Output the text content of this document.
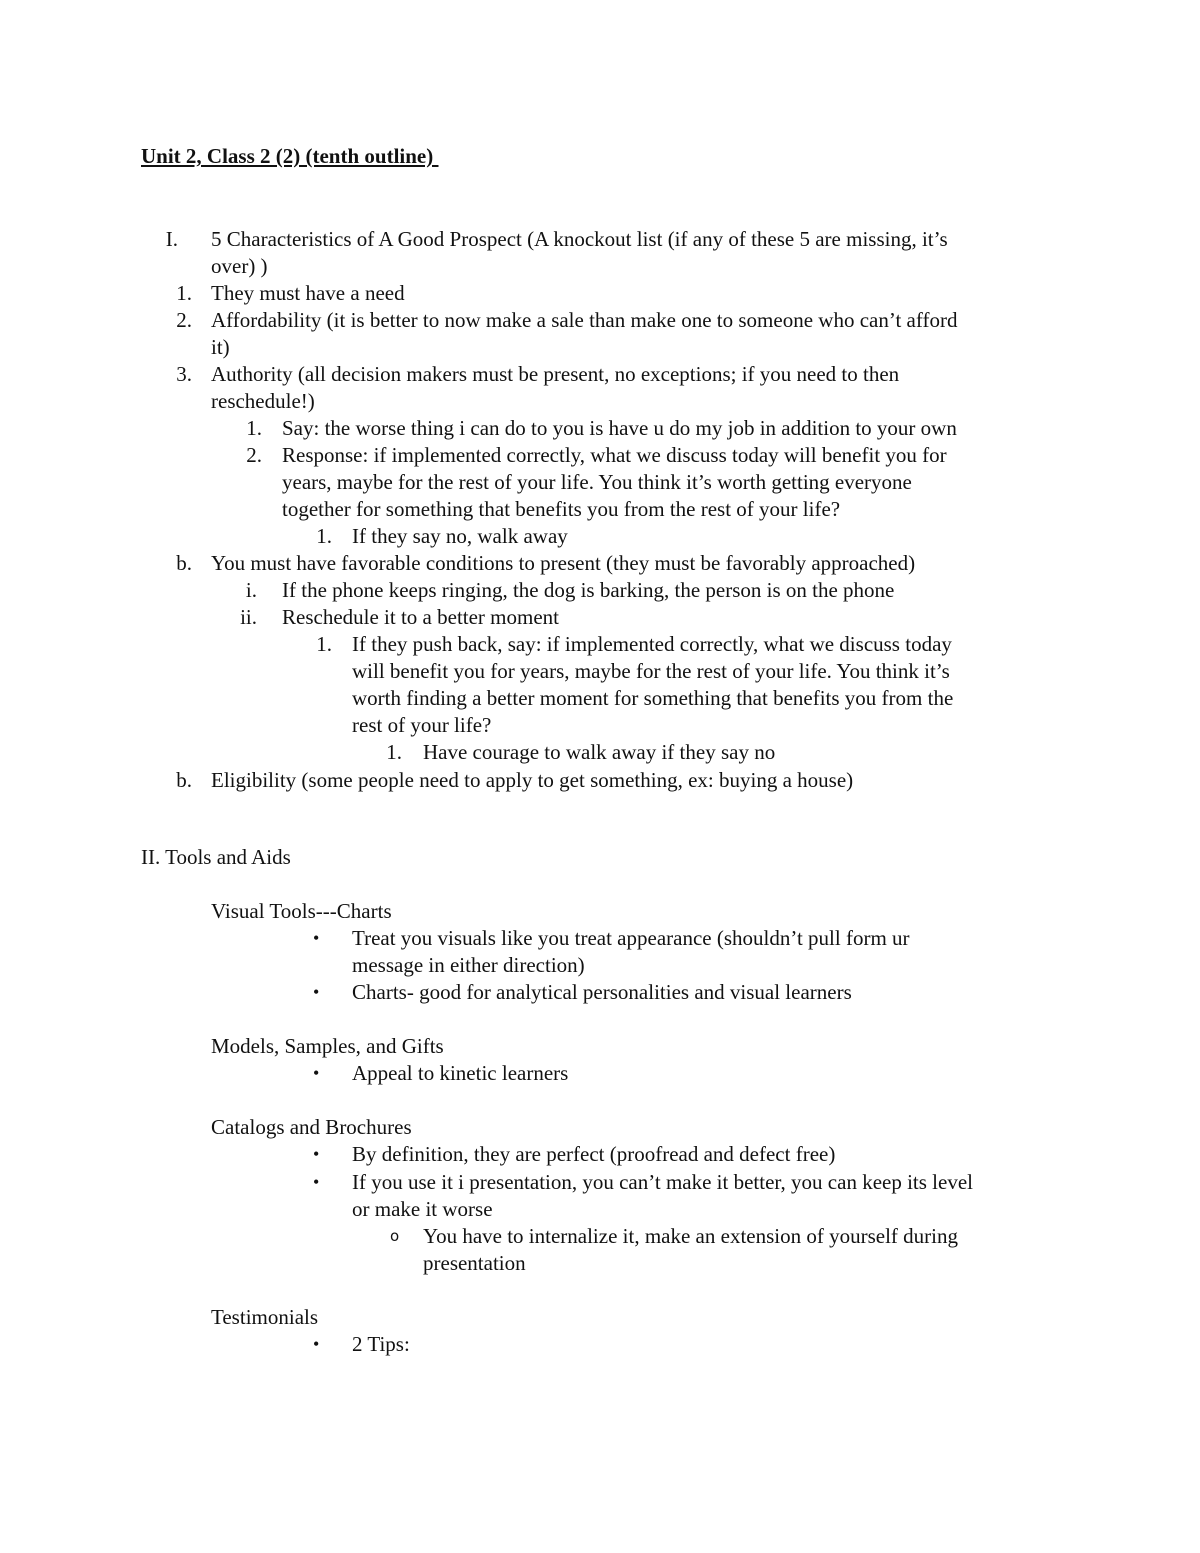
Unit 2, Class 2 (2) (tenth outline)
I. 5 Characteristics of A Good Prospect (A knockout list (if any of these 5 are missing, it’s
over) )
1. They must have a need
2. Affordability (it is better to now make a sale than make one to someone who can’t afford
it)
3. Authority (all decision makers must be present, no exceptions; if you need to then
reschedule!)
1. Say: the worse thing i can do to you is have u do my job in addition to your own
2. Response: if implemented correctly, what we discuss today will benefit you for
years, maybe for the rest of your life. You think it’s worth getting everyone
together for something that benefits you from the rest of your life?
1. If they say no, walk away
b. You must have favorable conditions to present (they must be favorably approached)
i. If the phone keeps ringing, the dog is barking, the person is on the phone
ii. Reschedule it to a better moment
1. If they push back, say: if implemented correctly, what we discuss today
will benefit you for years, maybe for the rest of your life. You think it’s
worth finding a better moment for something that benefits you from the
rest of your life?
1. Have courage to walk away if they say no
b. Eligibility (some people need to apply to get something, ex: buying a house)
II. Tools and Aids
Visual Tools---Charts
• Treat you visuals like you treat appearance (shouldn’t pull form ur
message in either direction)
• Charts- good for analytical personalities and visual learners
Models, Samples, and Gifts
• Appeal to kinetic learners
Catalogs and Brochures
• By definition, they are perfect (proofread and defect free)
• If you use it i presentation, you can’t make it better, you can keep its level
or make it worse
o You have to internalize it, make an extension of yourself during
presentation
Testimonials
• 2 Tips:
